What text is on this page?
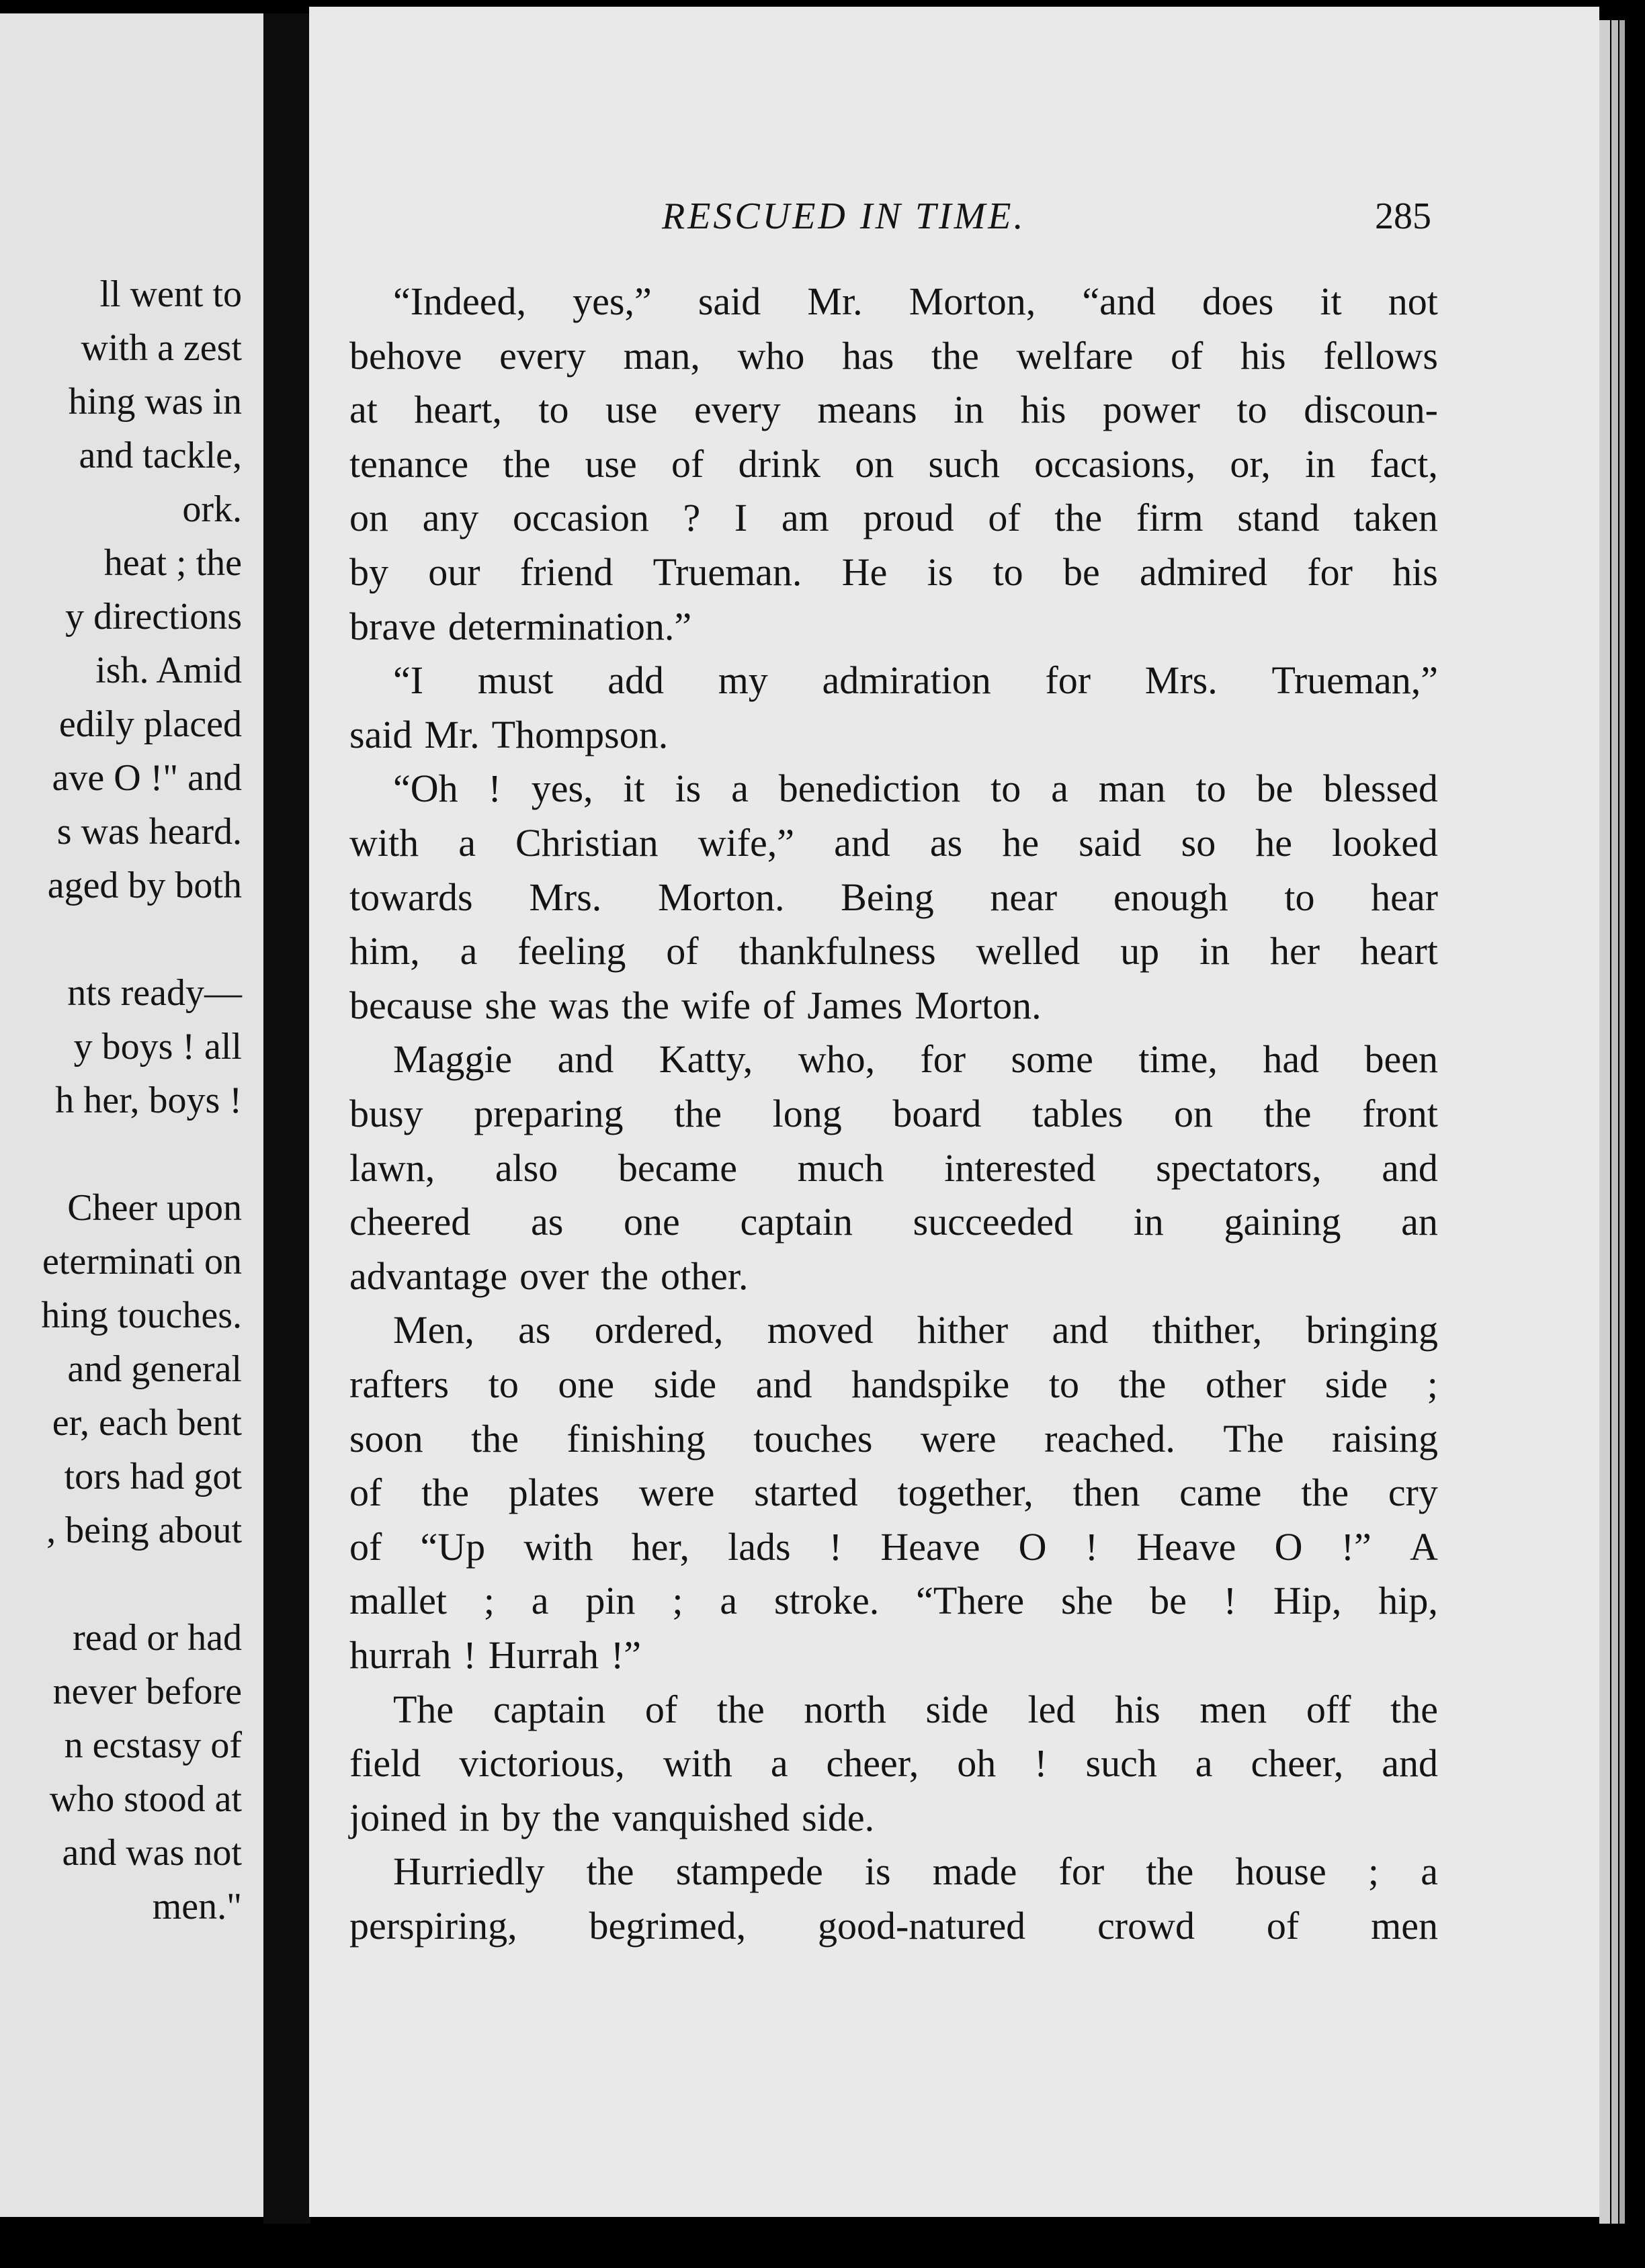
ll went to
with a zest
hing was in
and tackle,
ork.
heat ; the
y directions
ish. Amid
edily placed
ave O !" and
s was heard.
aged by both
nts ready—
y boys ! all
h her, boys !
Cheer upon
eterminati on
hing touches.
and general
er, each bent
tors had got
, being about
read or had
never before
n ecstasy of
who stood at
and was not
men."
RESCUED IN TIME.	285
“Indeed, yes,” said Mr. Morton, “and does it not
behove every man, who has the welfare of his fellows
at heart, to use every means in his power to discoun-
tenance the use of drink on such occasions, or, in fact,
on any occasion ? I am proud of the firm stand taken
by our friend Trueman. He is to be admired for his
brave determination.”
“I must add my admiration for Mrs. Trueman,”
said Mr. Thompson.
“Oh ! yes, it is a benediction to a man to be blessed
with a Christian wife,” and as he said so he looked
towards Mrs. Morton. Being near enough to hear
him, a feeling of thankfulness welled up in her heart
because she was the wife of James Morton.
Maggie and Katty, who, for some time, had been
busy preparing the long board tables on the front
lawn, also became much interested spectators, and
cheered as one captain succeeded in gaining an
advantage over the other.
Men, as ordered, moved hither and thither, bringing
rafters to one side and handspike to the other side ;
soon the finishing touches were reached. The raising
of the plates were started together, then came the cry
of “Up with her, lads ! Heave O ! Heave O !” A
mallet ; a pin ; a stroke. “There she be ! Hip, hip,
hurrah ! Hurrah !”
The captain of the north side led his men off the
field victorious, with a cheer, oh ! such a cheer, and
joined in by the vanquished side.
Hurriedly the stampede is made for the house ; a
perspiring, begrimed, good-natured crowd of men
